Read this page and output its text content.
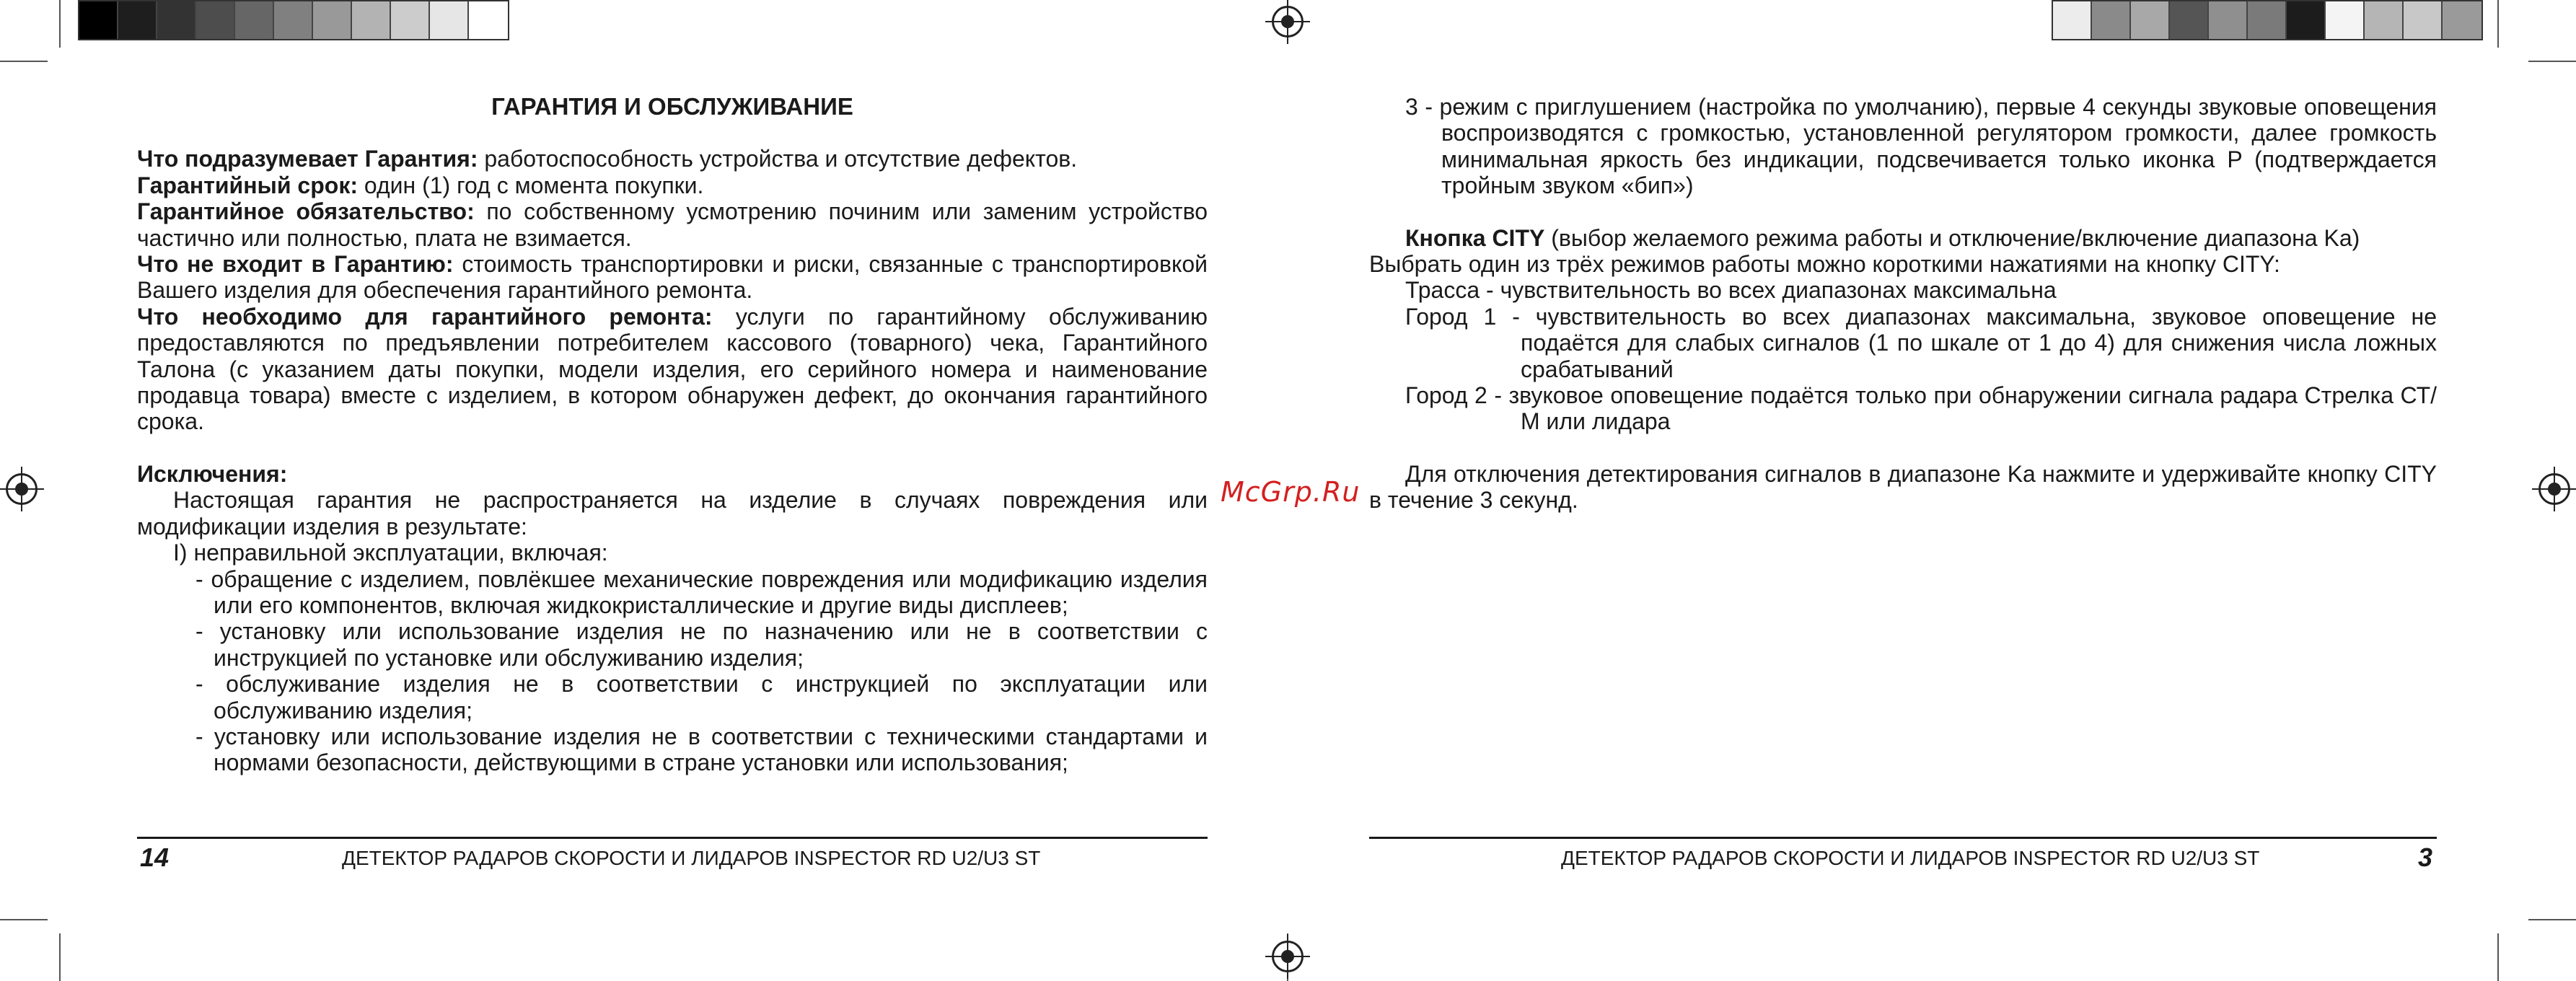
ГАРАНТИЯ И ОБСЛУЖИВАНИЕ

Что подразумевает Гарантия: работоспособность устройства и отсутствие дефектов.

Гарантийный срок: один (1) год с момента покупки.

Гарантийное обязательство: по собственному усмотрению починим или заменим устройство частично или полностью, плата не взимается.

Что не входит в Гарантию: стоимость транспортировки и риски, связанные с транспортировкой Вашего изделия для обеспечения гарантийного ремонта.

Что необходимо для гарантийного ремонта: услуги по гарантийному обслуживанию предоставляются по предъявлении потребителем кассового (товарного) чека, Гарантийного Талона (с указанием даты покупки, модели изделия, его серийного номера и наименование продавца товара) вместе с изделием, в котором обнаружен дефект, до окончания гарантийного срока.

Исключения:

Настоящая гарантия не распространяется на изделие в случаях повреждения или модификации изделия в результате:

I) неправильной эксплуатации, включая:

- обращение с изделием, повлёкшее механические повреждения или модификацию изделия или его компонентов, включая жидкокристаллические и другие виды дисплеев;

- установку или использование изделия не по назначению или не в соответствии с инструкцией по установке или обслуживанию изделия;

- обслуживание изделия не в соответствии с инструкцией по эксплуатации или обслуживанию изделия;

- установку или использование изделия не в соответствии с техническими стандартами и нормами безопасности, действующими в стране установки или использования;

14	ДЕТЕКТОР РАДАРОВ СКОРОСТИ И ЛИДАРОВ INSPECTOR RD U2/U3 ST
McGrp.Ru

3 - режим с приглушением (настройка по умолчанию), первые 4 секунды звуковые оповещения воспроизводятся с громкостью, установленной регулятором громкости, далее громкость минимальная яркость без индикации, подсвечивается только иконка P (подтверждается тройным звуком «бип»)

Кнопка CITY (выбор желаемого режима работы и отключение/включение диапазона Ka)

Выбрать один из трёх режимов работы можно короткими нажатиями на кнопку CITY:

Трасса - чувствительность во всех диапазонах максимальна

Город 1 - чувствительность во всех диапазонах максимальна, звуковое оповещение не подаётся для слабых сигналов (1 по шкале от 1 до 4) для снижения числа ложных срабатываний

Город 2 - звуковое оповещение подаётся только при обнаружении сигнала радара Стрелка СТ/М или лидара

Для отключения детектирования сигналов в диапазоне Ka нажмите и удерживайте кнопку CITY в течение 3 секунд.

ДЕТЕКТОР РАДАРОВ СКОРОСТИ И ЛИДАРОВ INSPECTOR RD U2/U3 ST	3
